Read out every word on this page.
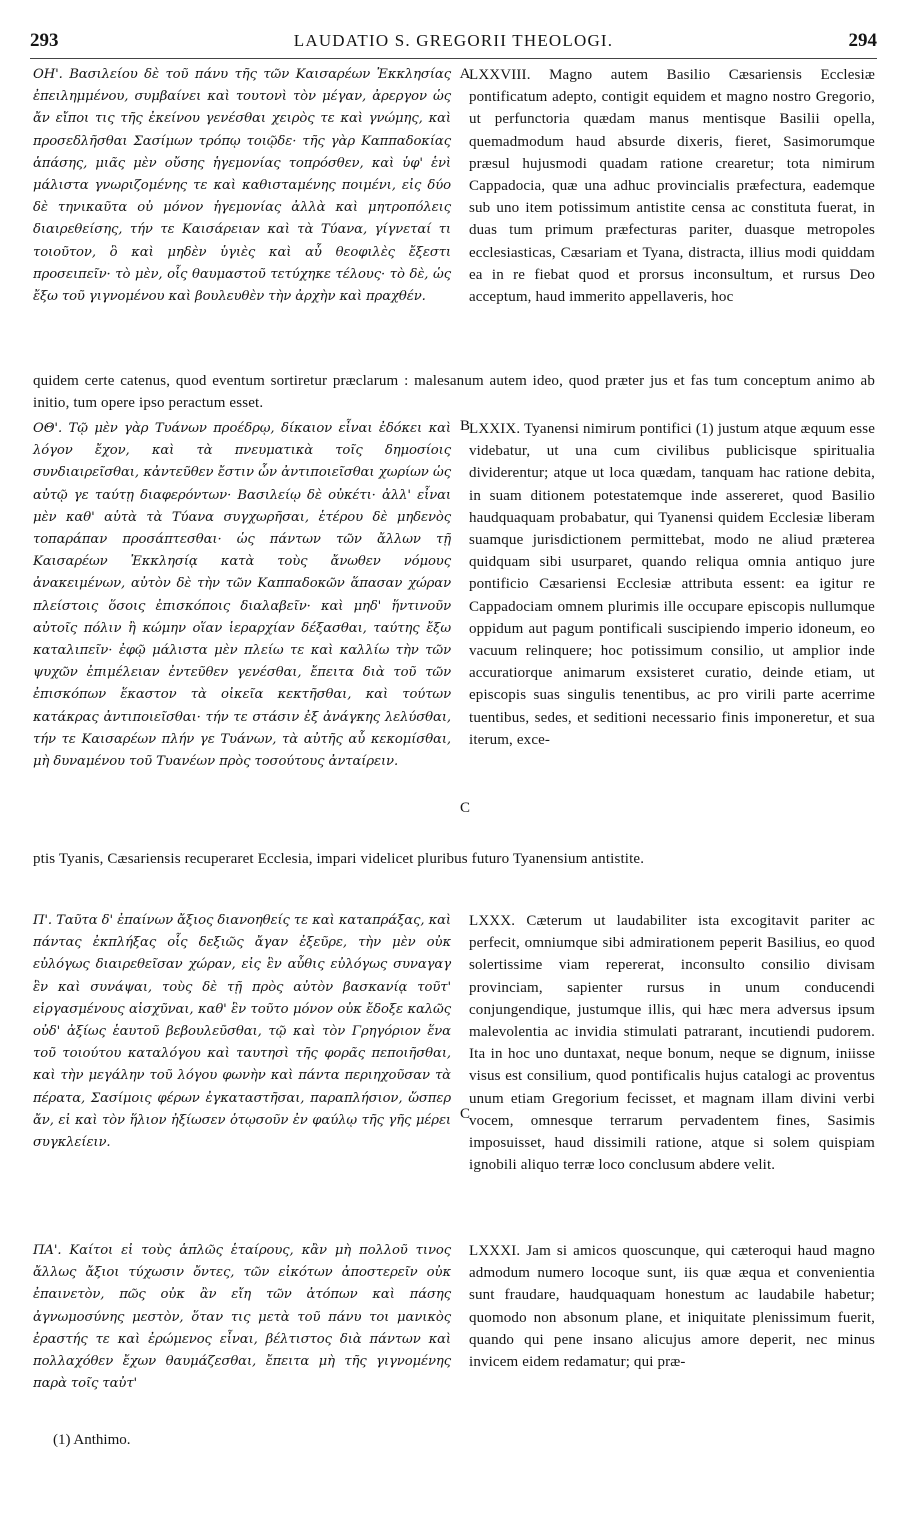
293	LAUDATIO S. GREGORII THEOLOGI.	294
A
B
C
C

ΟΗ'. Βασιλείου δὲ τοῦ πάνυ τῆς τῶν Καισαρέων Ἐκκλησίας ἐπειλημμένου, συμβαίνει καὶ τουτονὶ τὸν μέγαν, ἀρεργον ὡς ἄν εἴποι τις τῆς ἐκείνου γενέσθαι χειρὸς τε καὶ γνώμης, καὶ προσεδλῆσθαι Σασίμων τρόπῳ τοιῷδε· τῆς γὰρ Καππαδοκίας ἁπάσης, μιᾶς μὲν οὔσης ἡγεμονίας τοπρόσθεν, καὶ ὑφ' ἑνὶ μάλιστα γνωριζομένης τε καὶ καθισταμένης ποιμένι, εἰς δύο δὲ τηνικαῦτα οὐ μόνον ἡγεμονίας ἀλλὰ καὶ μητροπόλεις διαιρεθείσης, τήν τε Καισάρειαν καὶ τὰ Τύανα, γίγνεταί τι τοιοῦτον, ὃ καὶ μηδὲν ὑγιὲς καὶ αὖ θεοφιλὲς ἔξεστι προσειπεῖν· τὸ μὲν, οἷς θαυμαστοῦ τετύχηκε τέλους· τὸ δὲ, ὡς ἔξω τοῦ γιγνομένου καὶ βουλευθὲν τὴν ἀρχὴν καὶ πραχθέν.

LXXVIII. Magno autem Basilio Cæsariensis Ecclesiæ pontificatum adepto, contigit equidem et magno nostro Gregorio, ut perfunctoria quædam manus mentisque Basilii opella, quemadmodum haud absurde dixeris, fieret, Sasimorumque præsul hujusmodi quadam ratione crearetur; tota nimirum Cappadocia, quæ una adhuc provincialis præfectura, eademque sub uno item potissimum antistite censa ac constituta fuerat, in duas tum primum præfecturas pariter, duasque metropoles ecclesiasticas, Cæsariam et Tyana, distracta, illius modi quiddam ea in re fiebat quod et prorsus inconsultum, et rursus Deo acceptum, haud immerito appellaveris, hoc

quidem certe catenus, quod eventum sortiretur præclarum : malesanum autem ideo, quod præter jus et fas tum conceptum animo ab initio, tum opere ipso peractum esset.

ΟΘ'. Τῷ μὲν γὰρ Τυάνων προέδρῳ, δίκαιον εἶναι ἐδόκει καὶ λόγον ἔχον, καὶ τὰ πνευματικὰ τοῖς δημοσίοις συνδιαιρεῖσθαι, κἀντεῦθεν ἔστιν ὧν ἀντιποιεῖσθαι χωρίων ὡς αὐτῷ γε ταύτῃ διαφερόντων· Βασιλείῳ δὲ οὐκέτι· ἀλλ' εἶναι μὲν καθ' αὑτὰ τὰ Τύανα συγχωρῆσαι, ἑτέρου δὲ μηδενὸς τοπαράπαν προσάπτεσθαι· ὡς πάντων τῶν ἄλλων τῇ Καισαρέων Ἐκκλησίᾳ κατὰ τοὺς ἄνωθεν νόμους ἀνακειμένων, αὐτὸν δὲ τὴν τῶν Καππαδοκῶν ἅπασαν χώραν πλείστοις ὅσοις ἐπισκόποις διαλαβεῖν· καὶ μηδ' ἥντινοῦν αὐτοῖς πόλιν ἢ κώμην οἵαν ἱεραρχίαν δέξασθαι, ταύτης ἔξω καταλιπεῖν· ἐφῷ μάλιστα μὲν πλείω τε καὶ καλλίω τὴν τῶν ψυχῶν ἐπιμέλειαν ἐντεῦθεν γενέσθαι, ἔπειτα διὰ τοῦ τῶν ἐπισκόπων ἕκαστον τὰ οἰκεῖα κεκτῆσθαι, καὶ τούτων κατάκρας ἀντιποιεῖσθαι· τήν τε στάσιν ἐξ ἀνάγκης λελύσθαι, τήν τε Καισαρέων πλήν γε Τυάνων, τὰ αὐτῆς αὖ κεκομίσθαι, μὴ δυναμένου τοῦ Τυανέων πρὸς τοσούτους ἀνταίρειν.

LXXIX. Tyanensi nimirum pontifici (1) justum atque æquum esse videbatur, ut una cum civilibus publicisque spiritualia dividerentur; atque ut loca quædam, tanquam hac ratione debita, in suam ditionem potestatemque inde assereret, quod Basilio haudquaquam probabatur, qui Tyanensi quidem Ecclesiæ liberam suamque jurisdictionem permittebat, modo ne aliud præterea quidquam sibi usurparet, quando reliqua omnia antiquo jure pontificio Cæsariensi Ecclesiæ attributa essent: ea igitur re Cappadociam omnem plurimis ille occupare episcopis nullumque oppidum aut pagum pontificali suscipiendo imperio idoneum, eo vacuum relinquere; hoc potissimum consilio, ut amplior inde accuratiorque animarum exsisteret curatio, deinde etiam, ut episcopis suas singulis tenentibus, ac pro virili parte acerrime tuentibus, sedes, et seditioni necessario finis imponeretur, et sua iterum, exce-

ptis Tyanis, Cæsariensis recuperaret Ecclesia, impari videlicet pluribus futuro Tyanensium antistite.

Π'. Ταῦτα δ' ἐπαίνων ἄξιος διανοηθείς τε καὶ καταπράξας, καὶ πάντας ἐκπλήξας οἷς δεξιῶς ἄγαν ἐξεῦρε, τὴν μὲν οὐκ εὐλόγως διαιρεθεῖσαν χώραν, εἰς ἓν αὖθις εὐλόγως συναγαγ ἓν καὶ συνάψαι, τοὺς δὲ τῇ πρὸς αὐτὸν βασκανίᾳ τοῦτ' εἰργασμένους αἰσχῦναι, καθ' ἓν τοῦτο μόνον οὐκ ἔδοξε καλῶς οὐδ' ἀξίως ἑαυτοῦ βεβουλεῦσθαι, τῷ καὶ τὸν Γρηγόριον ἕνα τοῦ τοιούτου καταλόγου καὶ ταυτησὶ τῆς φορᾶς πεποιῆσθαι, καὶ τὴν μεγάλην τοῦ λόγου φωνὴν καὶ πάντα περιηχοῦσαν τὰ πέρατα, Σασίμοις φέρων ἐγκαταστῆσαι, παραπλήσιον, ὥσπερ ἄν, εἰ καὶ τὸν ἥλιον ἠξίωσεν ὁτῳσοῦν ἐν φαύλῳ τῆς γῆς μέρει συγκλείειν.

LXXX. Cæterum ut laudabiliter ista excogitavit pariter ac perfecit, omniumque sibi admirationem peperit Basilius, eo quod solertissime viam repererat, inconsulto consilio divisam provinciam, sapienter rursus in unum conducendi conjungendique, justumque illis, qui hæc mera adversus ipsum malevolentia ac invidia stimulati patrarant, incutiendi pudorem. Ita in hoc uno duntaxat, neque bonum, neque se dignum, iniisse visus est consilium, quod pontificalis hujus catalogi ac proventus unum etiam Gregorium fecisset, et magnam illam divini verbi vocem, omnesque terrarum pervadentem fines, Sasimis imposuisset, haud dissimili ratione, atque si solem quispiam ignobili aliquo terræ loco conclusum abdere velit.

ΠΑ'. Καίτοι εἰ τοὺς ἁπλῶς ἑταίρους, κἂν μὴ πολλοῦ τινος ἄλλως ἄξιοι τύχωσιν ὄντες, τῶν εἰκότων ἀποστερεῖν οὐκ ἐπαινετὸν, πῶς οὐκ ἂν εἴη τῶν ἀτόπων καὶ πάσης ἀγνωμοσύνης μεστὸν, ὅταν τις μετὰ τοῦ πάνυ τοι μανικὸς ἐραστής τε καὶ ἐρώμενος εἶναι, βέλτιστος διὰ πάντων καὶ πολλαχόθεν ἔχων θαυμάζεσθαι, ἔπειτα μὴ τῆς γιγνομένης παρὰ τοῖς ταὐτ'

LXXXI. Jam si amicos quoscunque, qui cæteroqui haud magno admodum numero locoque sunt, iis quæ æqua et convenientia sunt fraudare, haudquaquam honestum ac laudabile habetur; quomodo non absonum plane, et iniquitate plenissimum fuerit, quando qui pene insano alicujus amore deperit, nec minus invicem eidem redamatur; qui præ-

(1) Anthimo.
